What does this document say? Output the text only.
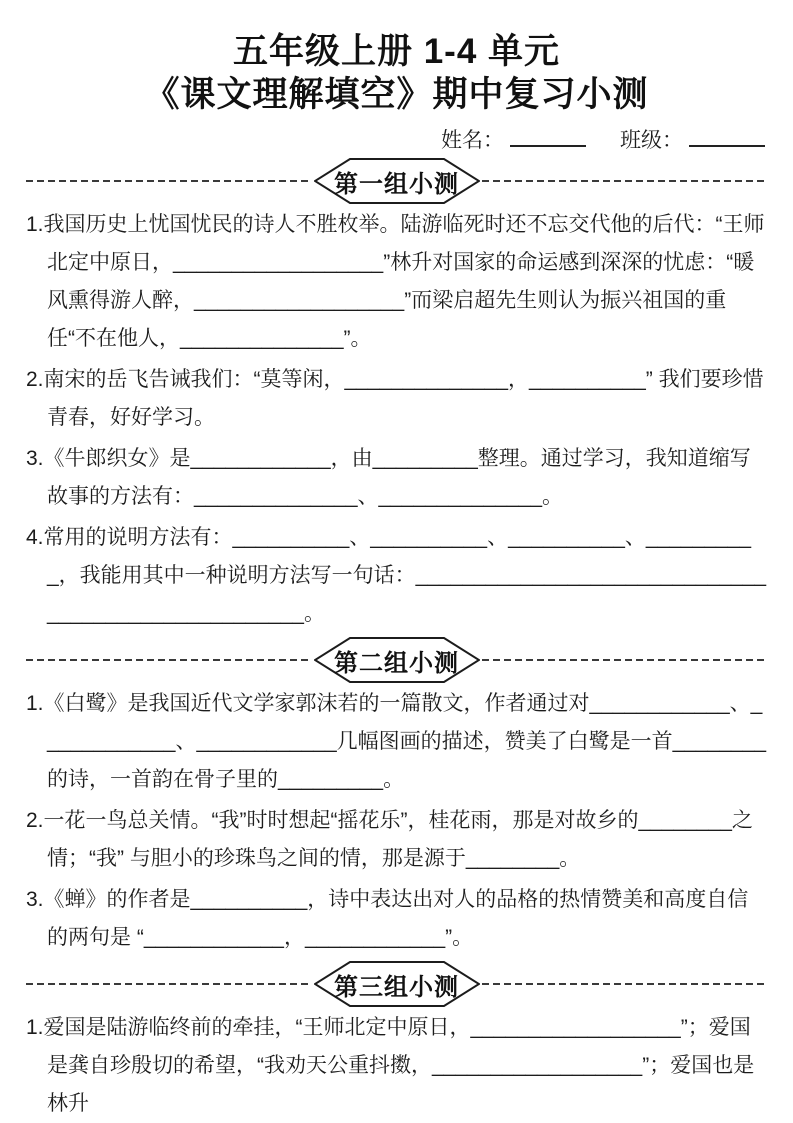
五年级上册 1-4 单元
《课文理解填空》期中复习小测
姓名：	班级：
第一组小测

1.我国历史上忧国忧民的诗人不胜枚举。陆游临死时还不忘交代他的后代：“王师北定中原日，__________________”林升对国家的命运感到深深的忧虑：“暖风熏得游人醉，__________________”而梁启超先生则认为振兴祖国的重任“不在他人，______________”。

2.南宋的岳飞告诫我们：“莫等闲，______________，__________” 我们要珍惜青春，好好学习。

3.《牛郎织女》是____________，由_________整理。通过学习，我知道缩写故事的方法有：______________、______________。

4.常用的说明方法有：__________、__________、__________、__________，我能用其中一种说明方法写一句话：____________________________________________________。

第二组小测

1.《白鹭》是我国近代文学家郭沫若的一篇散文，作者通过对____________、____________、____________几幅图画的描述，赞美了白鹭是一首________的诗，一首韵在骨子里的_________。

2.一花一鸟总关情。“我”时时想起“摇花乐”，桂花雨，那是对故乡的________之情；“我” 与胆小的珍珠鸟之间的情，那是源于________。

3.《蝉》的作者是__________，诗中表达出对人的品格的热情赞美和高度自信的两句是 “____________，____________”。

第三组小测

1.爱国是陆游临终前的牵挂，“王师北定中原日，__________________”；爱国是龚自珍殷切的希望，“我劝天公重抖擞，__________________”；爱国也是林升
